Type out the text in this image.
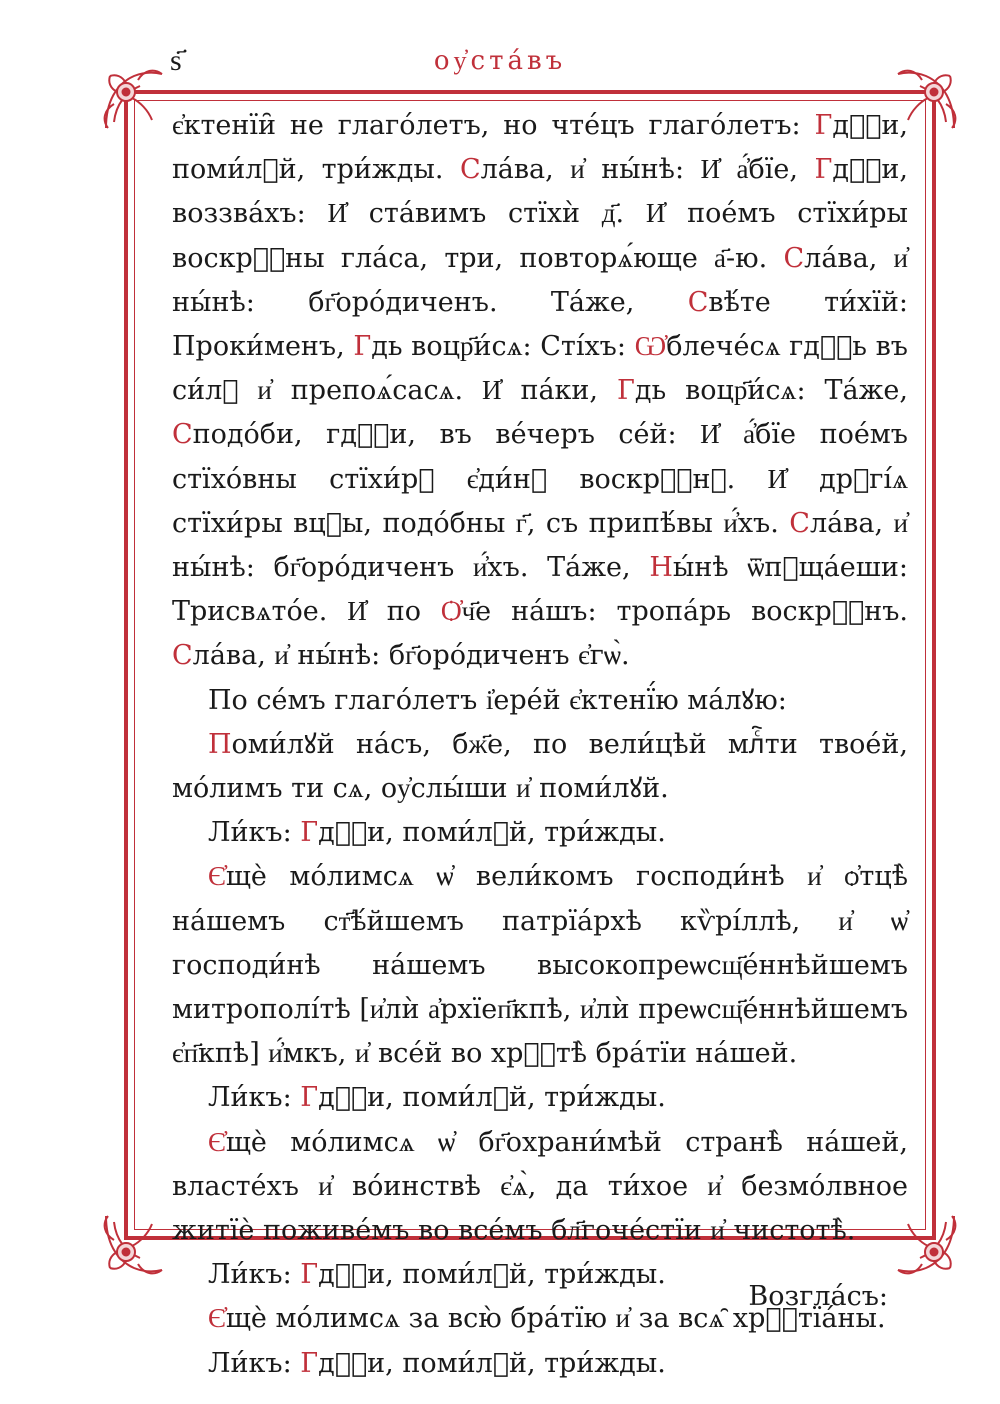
ѕ҃	оу҆ста́въ

є҆ктенїи̑ не глаго́летъ, но чте́цъ глаго́летъ: Гдⷭ҇и, поми́лꙋй, три́жды. Сла́ва, и҆ ны́нѣ: И҆ а҆́бїе, Гдⷭ҇и, воззва́хъ: И҆ ста́вимъ стїхѝ д҃. И҆ пое́мъ стїхи́ры воскрⷭ҇ны гла́са, три, повторѧ́юще а҃-ю. Сла́ва, и҆ ны́нѣ: бг҃оро́диченъ. Та́же, Свѣ́те ти́хїй: Проки́менъ, Гдь воцр҃и́сѧ: Сті́хъ: Ѡ҆блече́сѧ гдⷭ҇ь въ си́лꙋ и҆ препоѧ́сасѧ. И҆ па́ки, Гдь воцр҃и́сѧ: Та́же, Сподо́би, гдⷭ҇и, въ ве́черъ се́й: И҆ а҆́бїе пое́мъ стїхо́вны стїхи́рꙋ є҆ди́нꙋ воскрⷭ҇нꙋ. И҆ дрꙋгі́ѧ стїхи́ры вцⷣы, подо́бны г҃, съ припѣ́вы и҆́хъ. Сла́ва, и҆ ны́нѣ: бг҃оро́диченъ и҆́хъ. Та́же, Ны́нѣ ѿпꙋща́еши: Трисвѧто́е. И҆ по Ѻ҆ч҃е на́шъ: тропа́рь воскрⷭ҇нъ. Сла́ва, и҆ ны́нѣ: бг҃оро́диченъ є҆гѡ̀.

По се́мъ глаго́летъ і҆ере́й є҆ктенї́ю ма́лꙋю:

Поми́лꙋй на́съ, бж҃е, по вели́цѣй млⷭ҇ти твое́й, мо́лимъ ти сѧ, оу҆слы́ши и҆ поми́лꙋй.

Ли́къ: Гдⷭ҇и, поми́лꙋй, три́жды.

Є҆щѐ мо́лимсѧ ѡ҆ вели́комъ господи́нѣ и҆ ѻ҆тцѣ̀ на́шемъ ст҃ѣ́йшемъ патрїа́рхѣ кѷрі́ллѣ, и҆ ѡ҆ господи́нѣ на́шемъ высокопреѡсщ҃е́ннѣйшемъ митрополі́тѣ [и҆лѝ а҆рхїеп҃кпѣ, и҆лѝ преѡсщ҃е́ннѣйшемъ є҆п҃кпѣ] и҆́мкъ, и҆ все́й во хрⷭ҇тѣ̀ бра́тїи на́шей.

Ли́къ: Гдⷭ҇и, поми́лꙋй, три́жды.

Є҆щѐ мо́лимсѧ ѡ҆ бг҃охрани́мѣй странѣ̀ на́шей, власте́хъ и҆ во́инствѣ є҆ѧ̀, да ти́хое и҆ безмо́лвное житїѐ поживе́мъ во все́мъ бл҃гоче́стїи и҆ чистотѣ̀.

Ли́къ: Гдⷭ҇и, поми́лꙋй, три́жды.

Є҆щѐ мо́лимсѧ за всю̀ бра́тїю и҆ за всѧ̑ хрⷭ҇тїа́ны.

Ли́къ: Гдⷭ҇и, поми́лꙋй, три́жды.

Возгла́съ:
